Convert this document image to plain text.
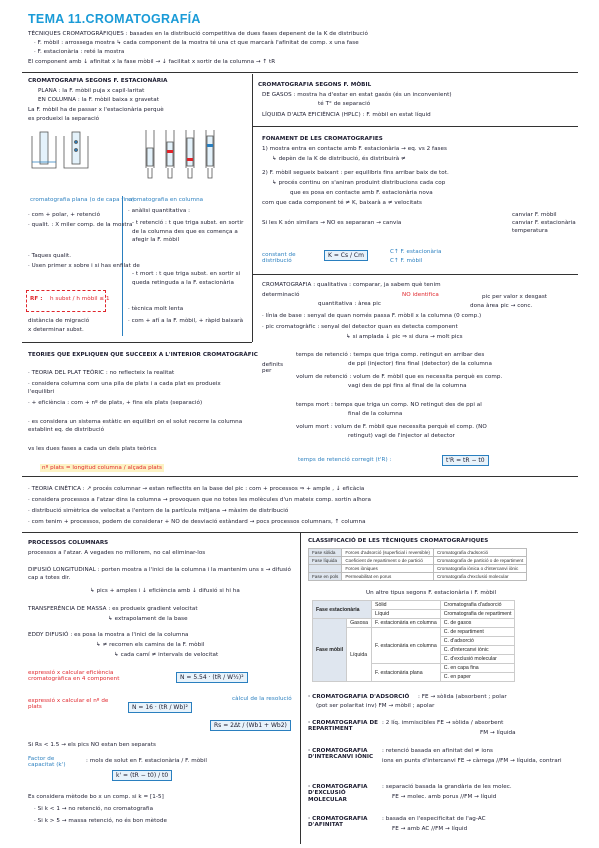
TEMA 11.CROMATOGRAFÍA
TÈCNIQUES CROMATOGRÀFIQUES : basades en la distribució competitiva de dues fases depenent de la K de distribució
· F. mòbil : arrossega mostra ↳ cada component de la mostra té una ct que marcarà l'afinitat de comp. x una fase
· F. estacionària : reté la mostra
El component amb ↓ afinitat x la fase mòbil → ↓ facilitat x sortir de la columna → ↑ tR
CROMATOGRAFIA SEGONS F. ESTACIONÀRIA
PLANA : la F. mòbil puja x capil·laritat
EN COLUMNA : la F. mòbil baixa x gravetat
La F. mòbil ha de passar x l'estacionària perquè
es produeixi la separació
cromatografia plana (o de capa fina)
cromatografia en columna
· com + polar, + retenció
· qualit. : X miler comp. de la mostra
· Taques qualit.
· Usen primer x sobre i si has enfilat de
RF : h subst / h mòbil ≤ 1
distància de migració
x determinar subst.
· anàlisi quantitativa :
- t retenció : t que triga subst. en sortir de la columna des que es comença a afegir la F. mòbil
- t mort : t que triga subst. en sortir si queda retinguda a la F. estacionària
· tècnica molt lenta
· com + afí a la F. mòbil, + ràpid baixarà
CROMATOGRAFIA SEGONS F. MÒBIL
DE GASOS : mostra ha d'estar en estat gasós (és un inconvenient)
té T° de separació
LÍQUIDA D'ALTA EFICIÈNCIA (HPLC) : F. mòbil en estat líquid
FONAMENT DE LES CROMATOGRAFIES
1) mostra entra en contacte amb F. estacionària → eq. vs 2 fases
↳ depèn de la K de distribució, és distribuirà ≠
2) F. mòbil segueix baixant : per equilibris fins arribar baix de tot.
↳ procés continu on s'aniran produint distribucions cada cop
que es posa en contacte amb F. estacionària nova
com que cada component té ≠ K, baixarà a ≠ velocitats
Si les K són similars → NO es separaran → canvia
canviar F. mòbil
canviar F. estacionària
temperatura
constant de distribució
K = Cs / Cm	C↑ F. estacionària
C↑ F. mòbil
CROMATOGRAFIA : qualitativa : comparar, ja sabem què tenim
determinació	NO identifica
quantitativa : àrea pic
pic per valor x desgast
dona àrea pic → conc.
· línia de base : senyal de quan només passa F. mòbil x la columna (0 comp.)
· pic cromatogràfic : senyal del detector quan es detecta component
↳ si amplada ↓ pic ⇒ si dura → molt pics
definits per
temps de retenció : temps que triga comp. retingut en arribar des
de ppi (injector) fins final (detector) de la columna
volum de retenció : volum de F. mòbil que es necessita perquè es comp.
vagi des de ppi fins al final de la columna
temps mort : temps que triga un comp. NO retingut des de ppi al
final de la columna
volum mort : volum de F. mòbil que necessita perquè el comp. (NO
retingut) vagi de l'injector al detector
temps de retenció corregit (t'R) :	t'R = tR − t0
TEORIES QUE EXPLIQUEN QUE SUCCEEIX A L'INTERIOR CROMATOGRÀFIC
· TEORIA DEL PLAT TEÒRIC : no reflecteix la realitat
· considera columna com una pila de plats i a cada plat es produeix l'equilibri
· + eficiència : com + nº de plats, + fins els plats (separació)
· es considera un sistema estàtic en equilibri on el solut recorre la columna establint eq. de distribució
vs les dues fases a cada un dels plats teòrics
nº plats = longitud columna / alçada plats
· TEORIA CINÈTICA : ↗ procés columnar → estan reflectits en la base del pic : com + processos ⇒ + ample , ↓ eficàcia
· considera processos a l'atzar dins la columna → provoquen que no totes les molècules d'un mateix comp. sortin alhora
· distribució simètrica de velocitat a l'entorn de la partícula mitjana → màxim de distribució
· com tenim + processos, podem de considerar + NO de desviació estàndard → pocs processos columnars, ↑ columna
PROCESSOS COLUMNARS
processos a l'atzar. A vegades no millorem, no cal eliminar-los
DIFUSIÓ LONGITUDINAL : porten mostra a l'inici de la columna i la mantenim uns s → difusió cap a totes dir.
↳ pics + amples i ↓ eficiència amb ↓ difusió si hi ha
TRANSFERÈNCIA DE MASSA : es produeix gradient velocitat
↳ extrapolament de la base
EDDY DIFUSIÓ : es posa la mostra a l'inici de la columna
↳ ≠ recorren els camins de la F. mòbil
↳ cada camí ≠ intervals de velocitat
expressió x calcular eficiència cromatogràfica en 4 component	N = 5.54 · (tR / W½)²
expressió x calcular el nº de plats	N = 16 · (tR / Wb)²
càlcul de la resolució
Rs = 2Δt / (Wb1 + Wb2)
Si Rs < 1.5 → els pics NO estan ben separats
Factor de capacitat (k')
: mols de solut en F. estacionària / F. mòbil
k' = (tR − t0) / t0
Es considera mètode bo x un comp. si k = [1-5]
· Si k < 1 → no retenció, no cromatografia
· Si k > 5 → massa retenció, no és bon mètode
CLASSIFICACIÓ DE LES TÈCNIQUES CROMATOGRÀFIQUES
Fase sòlida	Forces d'adsorció (superficial i reversible)	Cromatografia d'adsorció
Fase líquida	Coeficient de repartiment o de partició	Cromatografia de partició o de repartiment
	Forces iòniques	Cromatografia iònica o d'intercanvi iònic
Fase en pols	Permeabilitat en porus	Cromatografia d'exclusió molecular
Un altre tipus segons F. estacionària i F. mòbil
Fase estacionària		Sòlid	Cromatografia d'adsorció
		Líquid	Cromatografia de repartiment
Fase mòbil	Gasosa	F. estacionària en columna	C. de gasos
	Líquida	F. estacionària en columna	C. de repartiment
			C. d'adsorció
			C. d'intercanvi iònic
			C. d'exclusió molecular
		F. estacionària plana	C. en capa fina
			C. en paper
· CROMATOGRAFIA D'ADSORCIÓ : FE → sòlida (absorbent ; polar
(pot ser polaritat inv) FM → mòbil ; apolar
· CROMATOGRAFIA DE REPARTIMENT
: 2 líq. immiscibles FE → sòlida / absorbent
FM → líquida
· CROMATOGRAFIA D'INTERCANVI IÒNIC
: retenció basada en afinitat del ≠ ions
ions en punts d'intercanvi FE → càrrega //FM → líquida, contrari
· CROMATOGRAFIA D'EXCLUSIÓ MOLECULAR
: separació basada la grandària de les molec.
FE → molec. amb porus //FM → líquid
· CROMATOGRAFIA D'AFINITAT
: basada en l'especificitat de l'ag-AC
FE → amb AC //FM → líquid
